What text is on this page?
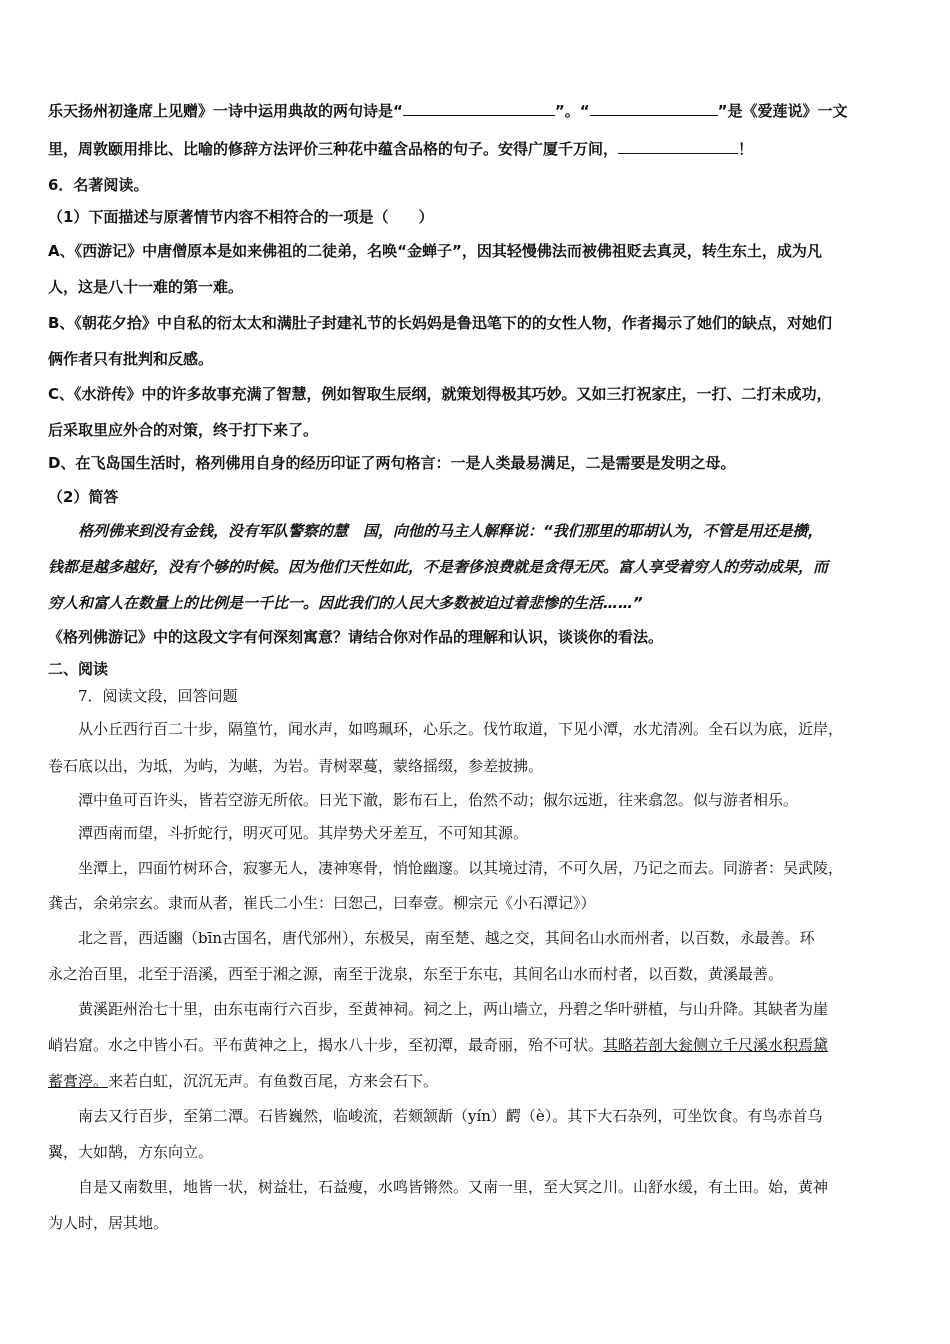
乐天扬州初逢席上见赠》一诗中运用典故的两句诗是“	”。“	”是《爱莲说》一文
里，周敦颐用排比、比喻的修辞方法评价三种花中蕴含品格的句子。安得广厦千万间，	！
6．名著阅读。
（1）下面描述与原著情节内容不相符合的一项是（　　）
A、《西游记》中唐僧原本是如来佛祖的二徒弟，名唤“金蝉子”，因其轻慢佛法而被佛祖贬去真灵，转生东土，成为凡
人，这是八十一难的第一难。
B、《朝花夕拾》中自私的衍太太和满肚子封建礼节的长妈妈是鲁迅笔下的的女性人物，作者揭示了她们的缺点，对她们
俩作者只有批判和反感。
C、《水浒传》中的许多故事充满了智慧，例如智取生辰纲，就策划得极其巧妙。又如三打祝家庄，一打、二打未成功，
后采取里应外合的对策，终于打下来了。
D、在飞岛国生活时，格列佛用自身的经历印证了两句格言：一是人类最易满足，二是需要是发明之母。
（2）简答
格列佛来到没有金钱，没有军队警察的慧　国，向他的马主人解释说：“我们那里的耶胡认为，不管是用还是攒，
钱都是越多越好，没有个够的时候。因为他们天性如此，不是奢侈浪费就是贪得无厌。富人享受着穷人的劳动成果，而
穷人和富人在数量上的比例是一千比一。因此我们的人民大多数被迫过着悲惨的生活……”
《格列佛游记》中的这段文字有何深刻寓意？请结合你对作品的理解和认识，谈谈你的看法。
二、阅读
7．阅读文段，回答问题
从小丘西行百二十步，隔篁竹，闻水声，如鸣珮环，心乐之。伐竹取道，下见小潭，水尤清冽。全石以为底，近岸，
卷石底以出，为坻，为屿，为嵁，为岩。青树翠蔓，蒙络摇缀，参差披拂。
潭中鱼可百许头，皆若空游无所依。日光下澈，影布石上，佁然不动；俶尔远逝，往来翕忽。似与游者相乐。
潭西南而望，斗折蛇行，明灭可见。其岸势犬牙差互，不可知其源。
坐潭上，四面竹树环合，寂寥无人，凄神寒骨，悄怆幽邃。以其境过清，不可久居，乃记之而去。同游者：吴武陵，
龚古，余弟宗玄。隶而从者，崔氏二小生：曰恕己，曰奉壹。柳宗元《小石潭记》）
北之晋，西适豳（bīn古国名，唐代邠州），东极吴，南至楚、越之交，其间名山水而州者，以百数，永最善。环
永之治百里，北至于浯溪，西至于湘之源，南至于泷泉，东至于东屯，其间名山水而村者，以百数，黄溪最善。
黄溪距州治七十里，由东屯南行六百步，至黄神祠。祠之上，两山墙立，丹碧之华叶骈植，与山升降。其缺者为崖
峭岩窟。水之中皆小石。平布黄神之上，揭水八十步，至初潭，最奇丽，殆不可状。其略若剖大瓮侧立千尺溪水积焉黛
蓄膏渟。来若白虹，沉沉无声。有鱼数百尾，方来会石下。
南去又行百步，至第二潭。石皆巍然，临峻流，若颏颔龂（yín）齶（è）。其下大石杂列，可坐饮食。有鸟赤首乌
翼，大如鹄，方东向立。
自是又南数里，地皆一状，树益壮，石益瘦，水鸣皆锵然。又南一里，至大冥之川。山舒水缓，有土田。始，黄神
为人时，居其地。
